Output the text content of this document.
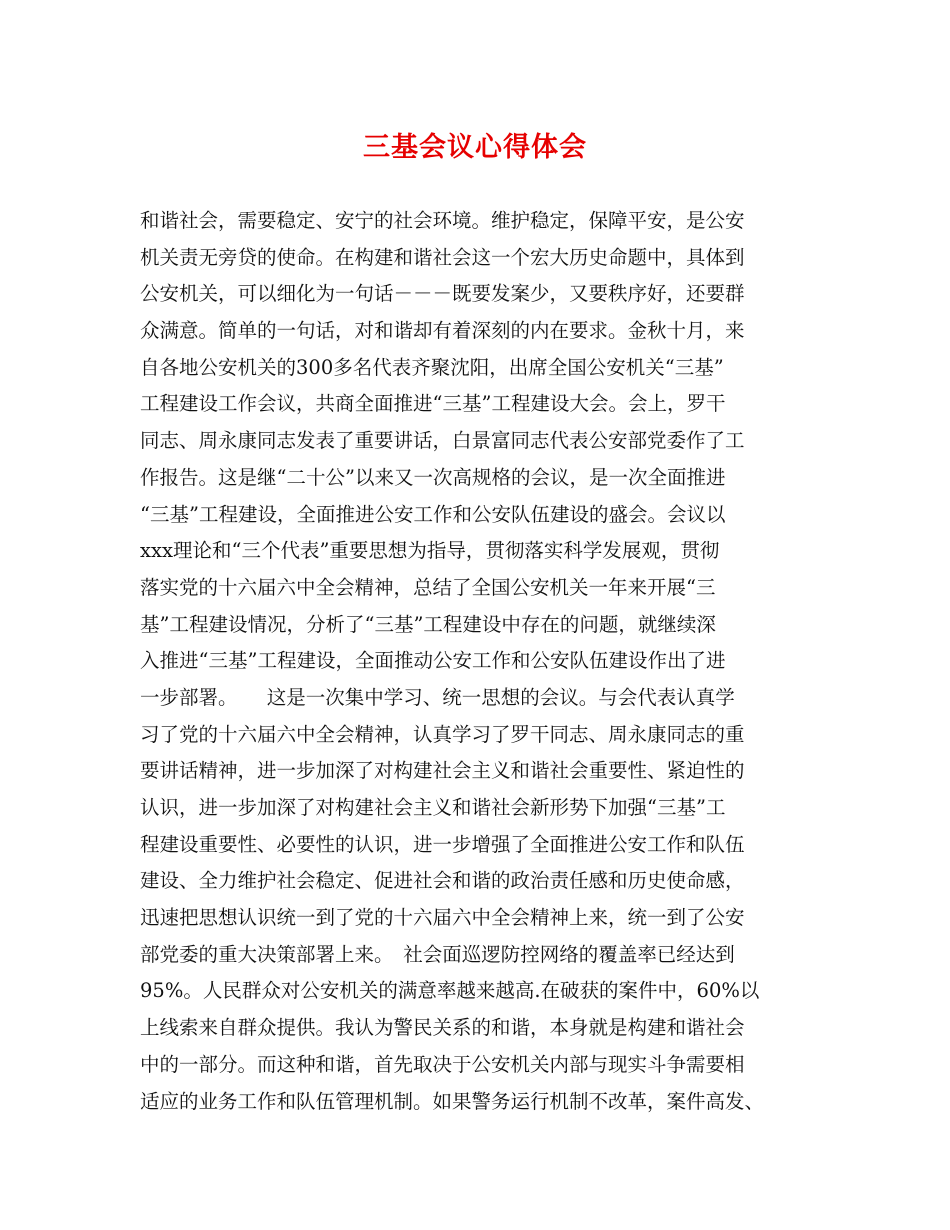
三基会议心得体会
和谐社会，需要稳定、安宁的社会环境。维护稳定，保障平安，是公安
机关责无旁贷的使命。在构建和谐社会这一个宏大历史命题中，具体到
公安机关，可以细化为一句话－－－既要发案少，又要秩序好，还要群
众满意。简单的一句话，对和谐却有着深刻的内在要求。金秋十月，来
自各地公安机关的300多名代表齐聚沈阳，出席全国公安机关“三基”
工程建设工作会议，共商全面推进“三基”工程建设大会。会上，罗干
同志、周永康同志发表了重要讲话，白景富同志代表公安部党委作了工
作报告。这是继“二十公”以来又一次高规格的会议，是一次全面推进
“三基”工程建设，全面推进公安工作和公安队伍建设的盛会。会议以
xxx理论和“三个代表”重要思想为指导，贯彻落实科学发展观，贯彻
落实党的十六届六中全会精神，总结了全国公安机关一年来开展“三
基”工程建设情况，分析了“三基”工程建设中存在的问题，就继续深
入推进“三基”工程建设，全面推动公安工作和公安队伍建设作出了进
一步部署。　　这是一次集中学习、统一思想的会议。与会代表认真学
习了党的十六届六中全会精神，认真学习了罗干同志、周永康同志的重
要讲话精神，进一步加深了对构建社会主义和谐社会重要性、紧迫性的
认识，进一步加深了对构建社会主义和谐社会新形势下加强“三基”工
程建设重要性、必要性的认识，进一步增强了全面推进公安工作和队伍
建设、全力维护社会稳定、促进社会和谐的政治责任感和历史使命感，
迅速把思想认识统一到了党的十六届六中全会精神上来，统一到了公安
部党委的重大决策部署上来。　社会面巡逻防控网络的覆盖率已经达到
95%。人民群众对公安机关的满意率越来越高.在破获的案件中，60%以
上线索来自群众提供。我认为警民关系的和谐，本身就是构建和谐社会
中的一部分。而这种和谐，首先取决于公安机关内部与现实斗争需要相
适应的业务工作和队伍管理机制。如果警务运行机制不改革，案件高发、
